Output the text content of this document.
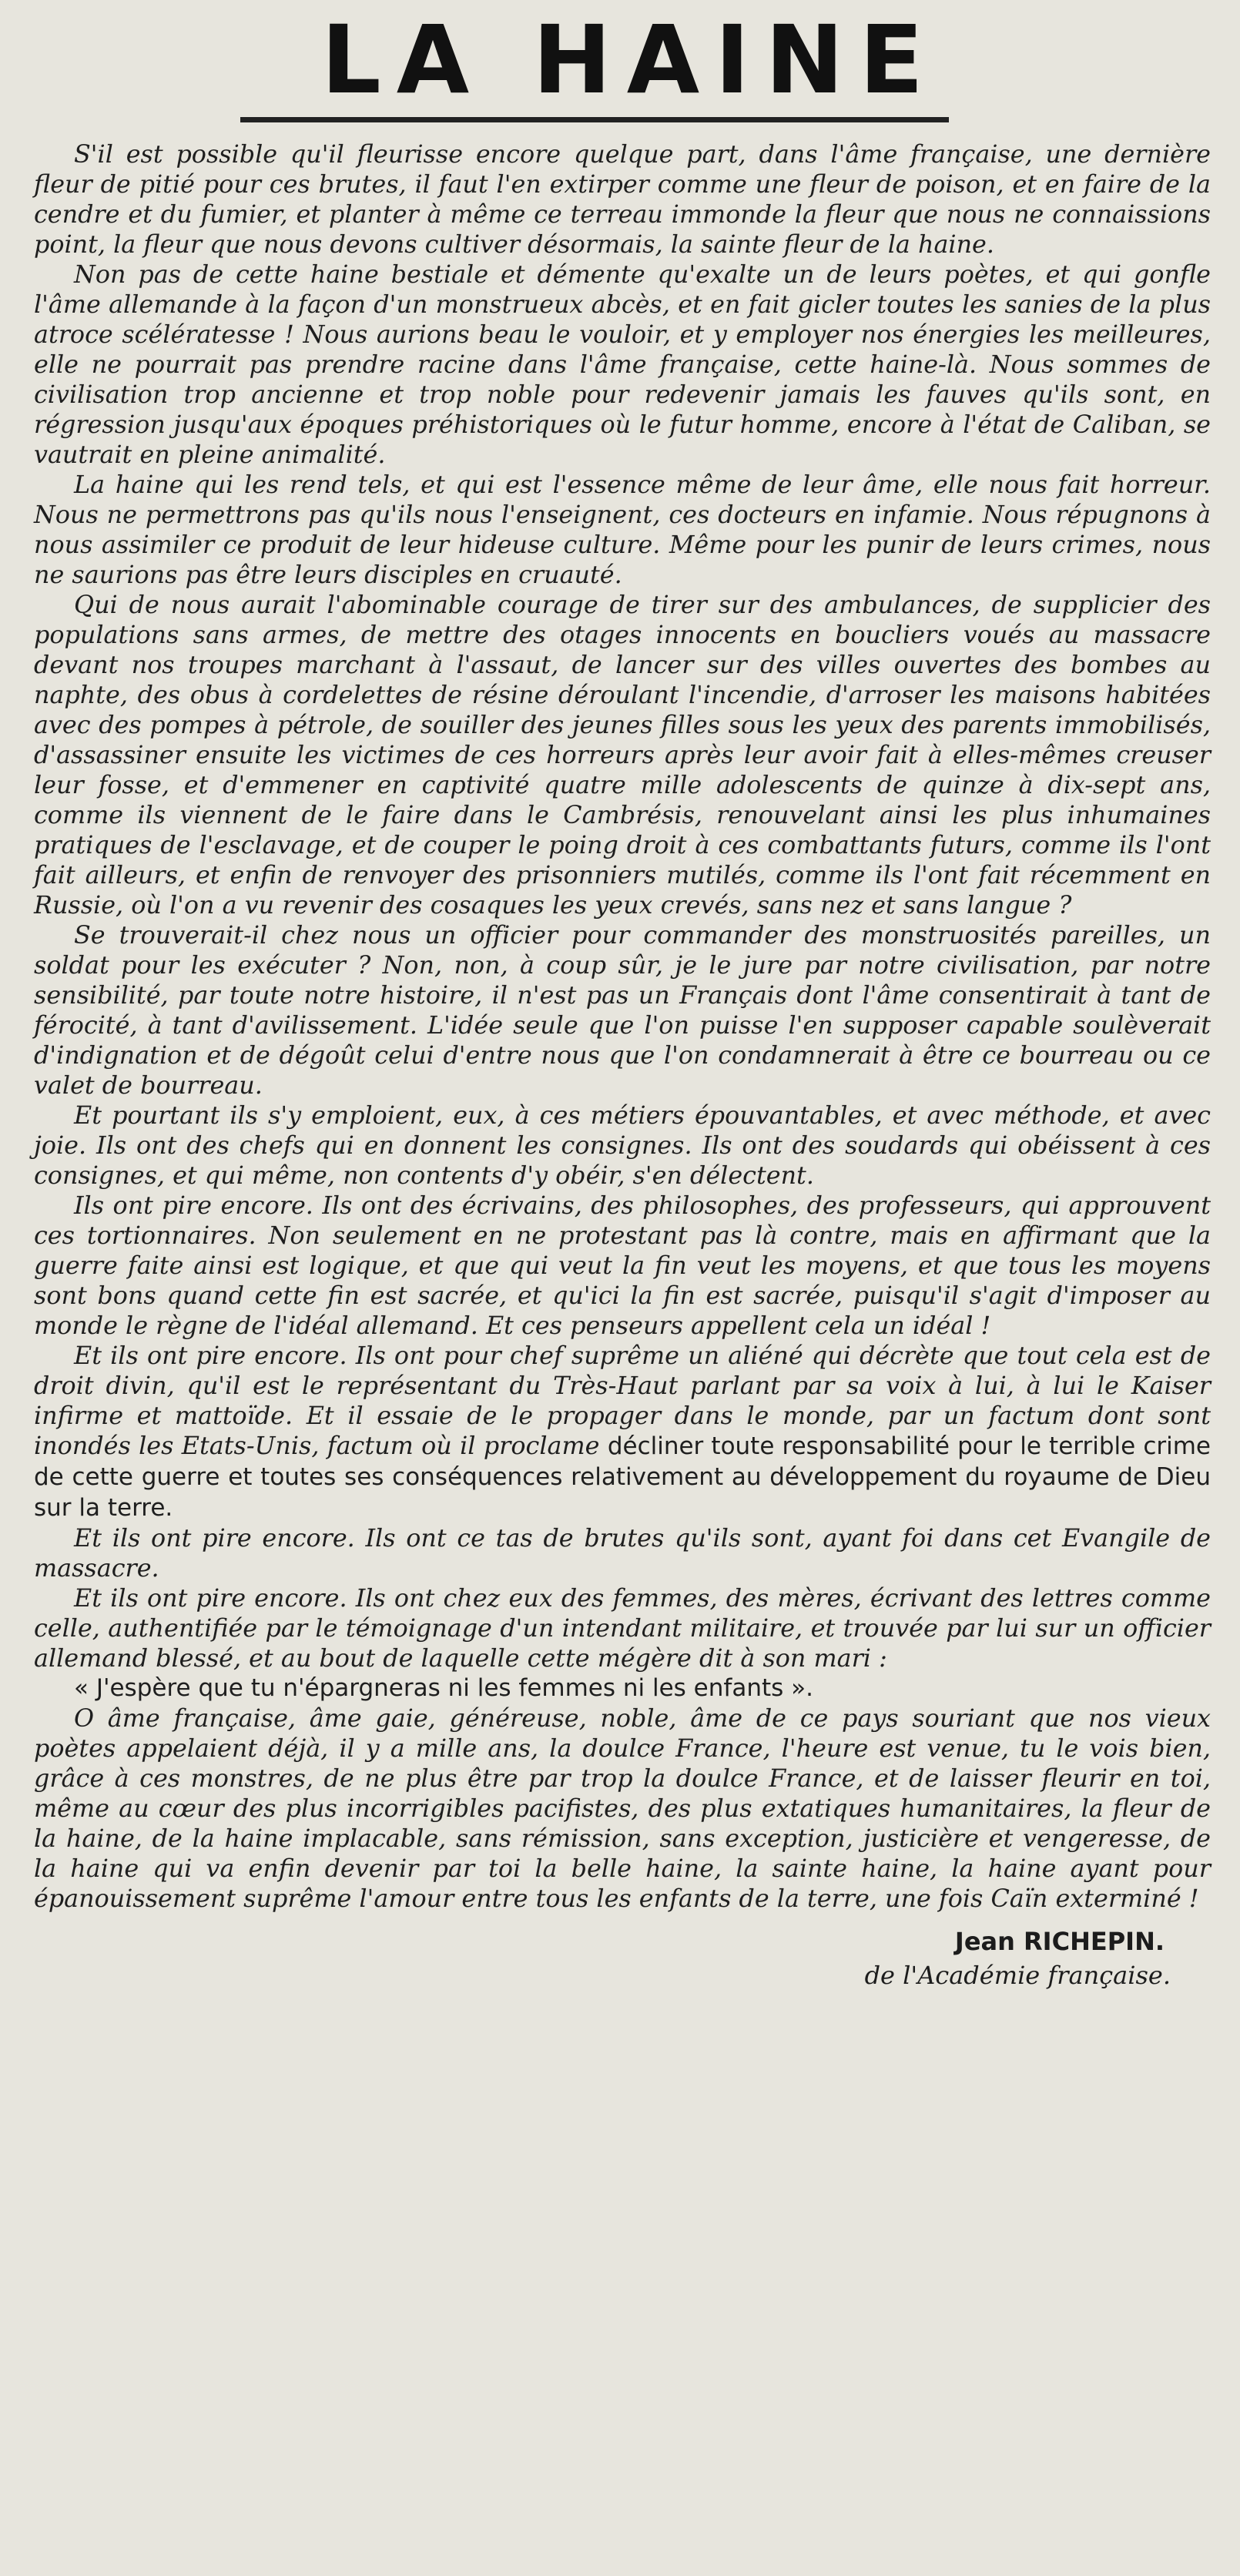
LA HAINE

S'il est possible qu'il fleurisse encore quelque part, dans l'âme française, une dernière fleur de pitié pour ces brutes, il faut l'en extirper comme une fleur de poison, et en faire de la cendre et du fumier, et planter à même ce terreau immonde la fleur que nous ne connaissions point, la fleur que nous devons cultiver désormais, la sainte fleur de la haine.

Non pas de cette haine bestiale et démente qu'exalte un de leurs poètes, et qui gonfle l'âme allemande à la façon d'un monstrueux abcès, et en fait gicler toutes les sanies de la plus atroce scélératesse ! Nous aurions beau le vouloir, et y employer nos énergies les meilleures, elle ne pourrait pas prendre racine dans l'âme française, cette haine-là. Nous sommes de civilisation trop ancienne et trop noble pour redevenir jamais les fauves qu'ils sont, en régression jusqu'aux époques préhistoriques où le futur homme, encore à l'état de Caliban, se vautrait en pleine animalité.

La haine qui les rend tels, et qui est l'essence même de leur âme, elle nous fait horreur. Nous ne permettrons pas qu'ils nous l'enseignent, ces docteurs en infamie. Nous répugnons à nous assimiler ce produit de leur hideuse culture. Même pour les punir de leurs crimes, nous ne saurions pas être leurs disciples en cruauté.

Qui de nous aurait l'abominable courage de tirer sur des ambulances, de supplicier des populations sans armes, de mettre des otages innocents en boucliers voués au massacre devant nos troupes marchant à l'assaut, de lancer sur des villes ouvertes des bombes au naphte, des obus à cordelettes de résine déroulant l'incendie, d'arroser les maisons habitées avec des pompes à pétrole, de souiller des jeunes filles sous les yeux des parents immobilisés, d'assassiner ensuite les victimes de ces horreurs après leur avoir fait à elles-mêmes creuser leur fosse, et d'emmener en captivité quatre mille adolescents de quinze à dix-sept ans, comme ils viennent de le faire dans le Cambrésis, renouvelant ainsi les plus inhumaines pratiques de l'esclavage, et de couper le poing droit à ces combattants futurs, comme ils l'ont fait ailleurs, et enfin de renvoyer des prisonniers mutilés, comme ils l'ont fait récemment en Russie, où l'on a vu revenir des cosaques les yeux crevés, sans nez et sans langue ?

Se trouverait-il chez nous un officier pour commander des monstruosités pareilles, un soldat pour les exécuter ? Non, non, à coup sûr, je le jure par notre civilisation, par notre sensibilité, par toute notre histoire, il n'est pas un Français dont l'âme consentirait à tant de férocité, à tant d'avilissement. L'idée seule que l'on puisse l'en supposer capable soulèverait d'indignation et de dégoût celui d'entre nous que l'on condamnerait à être ce bourreau ou ce valet de bourreau.

Et pourtant ils s'y emploient, eux, à ces métiers épouvantables, et avec méthode, et avec joie. Ils ont des chefs qui en donnent les consignes. Ils ont des soudards qui obéissent à ces consignes, et qui même, non contents d'y obéir, s'en délectent.

Ils ont pire encore. Ils ont des écrivains, des philosophes, des professeurs, qui approuvent ces tortionnaires. Non seulement en ne protestant pas là contre, mais en affirmant que la guerre faite ainsi est logique, et que qui veut la fin veut les moyens, et que tous les moyens sont bons quand cette fin est sacrée, et qu'ici la fin est sacrée, puisqu'il s'agit d'imposer au monde le règne de l'idéal allemand. Et ces penseurs appellent cela un idéal !

Et ils ont pire encore. Ils ont pour chef suprême un aliéné qui décrète que tout cela est de droit divin, qu'il est le représentant du Très-Haut parlant par sa voix à lui, à lui le Kaiser infirme et mattoïde. Et il essaie de le propager dans le monde, par un factum dont sont inondés les Etats-Unis, factum où il proclame décliner toute responsabilité pour le terrible crime de cette guerre et toutes ses conséquences relativement au développement du royaume de Dieu sur la terre.

Et ils ont pire encore. Ils ont ce tas de brutes qu'ils sont, ayant foi dans cet Evangile de massacre.

Et ils ont pire encore. Ils ont chez eux des femmes, des mères, écrivant des lettres comme celle, authentifiée par le témoignage d'un intendant militaire, et trouvée par lui sur un officier allemand blessé, et au bout de laquelle cette mégère dit à son mari :

« J'espère que tu n'épargneras ni les femmes ni les enfants ».

O âme française, âme gaie, généreuse, noble, âme de ce pays souriant que nos vieux poètes appelaient déjà, il y a mille ans, la doulce France, l'heure est venue, tu le vois bien, grâce à ces monstres, de ne plus être par trop la doulce France, et de laisser fleurir en toi, même au cœur des plus incorrigibles pacifistes, des plus extatiques humanitaires, la fleur de la haine, de la haine implacable, sans rémission, sans exception, justicière et vengeresse, de la haine qui va enfin devenir par toi la belle haine, la sainte haine, la haine ayant pour épanouissement suprême l'amour entre tous les enfants de la terre, une fois Caïn exterminé !

Jean RICHEPIN.
de l'Académie française.
